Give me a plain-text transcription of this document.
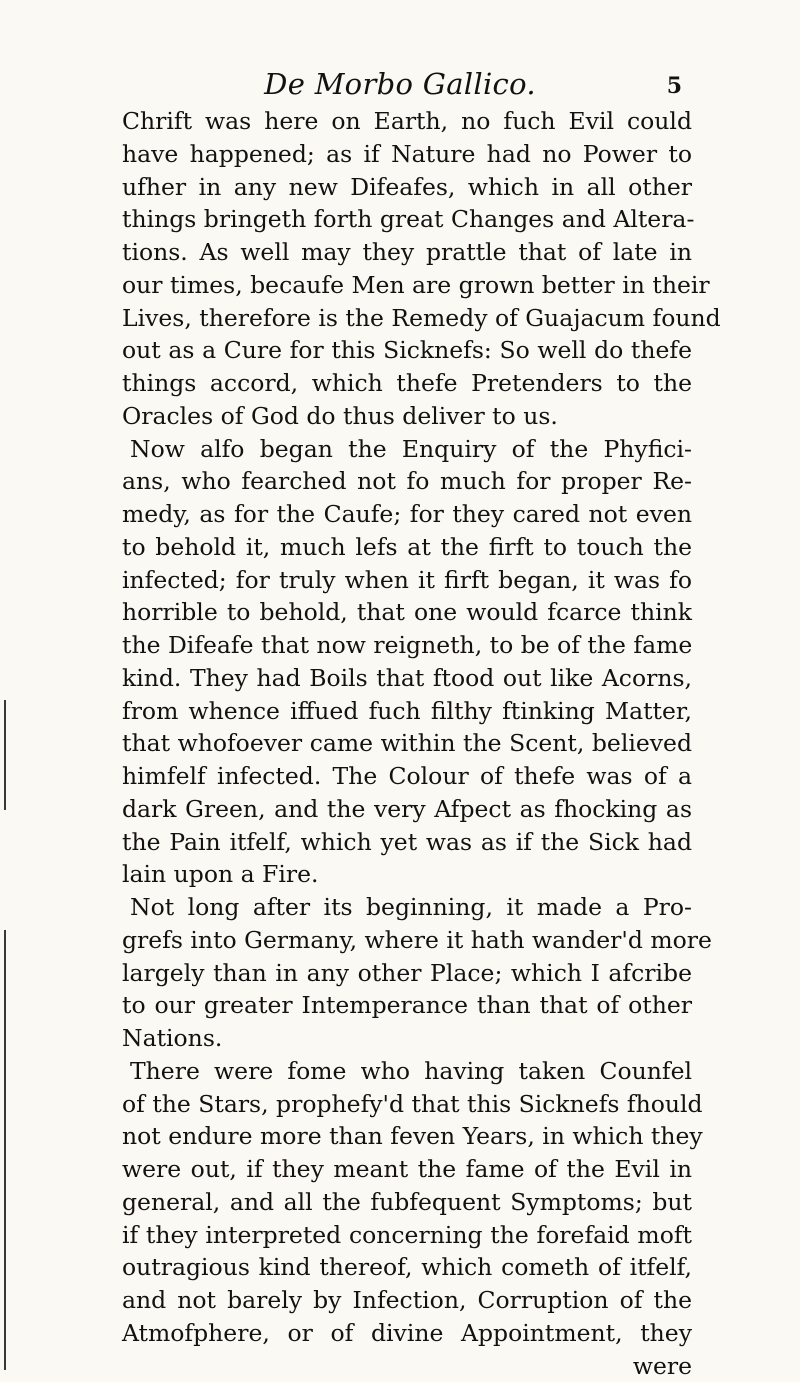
De Morbo Gallico.	5
Chrift was here on Earth, no fuch Evil could
have happened; as if Nature had no Power to
ufher in any new Difeafes, which in all other
things bringeth forth great Changes and Altera-
tions. As well may they prattle that of late in
our times, becaufe Men are grown better in their
Lives, therefore is the Remedy of Guajacum found
out as a Cure for this Sicknefs: So well do thefe
things accord, which thefe Pretenders to the
Oracles of God do thus deliver to us.
Now alfo began the Enquiry of the Phyfici-
ans, who fearched not fo much for proper Re-
medy, as for the Caufe; for they cared not even
to behold it, much lefs at the firft to touch the
infected; for truly when it firft began, it was fo
horrible to behold, that one would fcarce think
the Difeafe that now reigneth, to be of the fame
kind. They had Boils that ftood out like Acorns,
from whence iffued fuch filthy ftinking Matter,
that whofoever came within the Scent, believed
himfelf infected. The Colour of thefe was of a
dark Green, and the very Afpect as fhocking as
the Pain itfelf, which yet was as if the Sick had
lain upon a Fire.
Not long after its beginning, it made a Pro-
grefs into Germany, where it hath wander'd more
largely than in any other Place; which I afcribe
to our greater Intemperance than that of other
Nations.
There were fome who having taken Counfel
of the Stars, prophefy'd that this Sicknefs fhould
not endure more than feven Years, in which they
were out, if they meant the fame of the Evil in
general, and all the fubfequent Symptoms; but
if they interpreted concerning the forefaid moft
outragious kind thereof, which cometh of itfelf,
and not barely by Infection, Corruption of the
Atmofphere, or of divine Appointment, they
were
